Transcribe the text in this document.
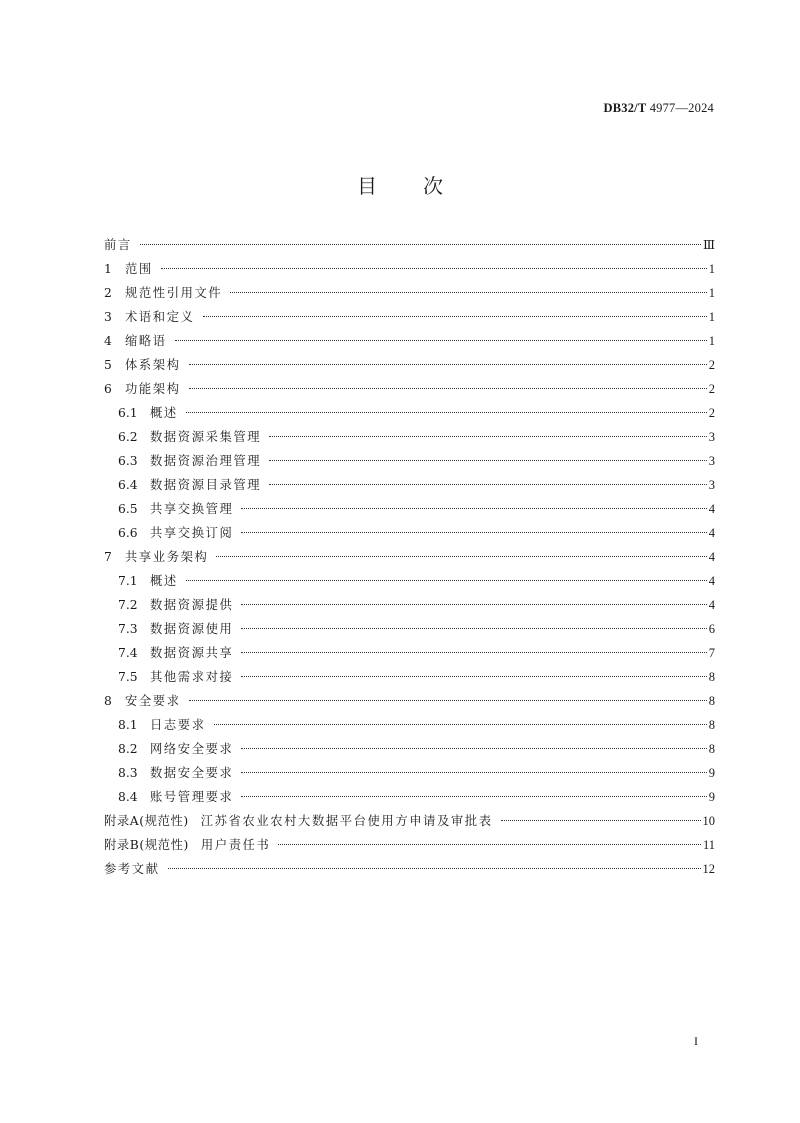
DB32/T 4977—2024
目次
前言	Ⅲ
1	范围	1
2	规范性引用文件	1
3	术语和定义	1
4	缩略语	1
5	体系架构	2
6	功能架构	2
6.1	概述	2
6.2	数据资源采集管理	3
6.3	数据资源治理管理	3
6.4	数据资源目录管理	3
6.5	共享交换管理	4
6.6	共享交换订阅	4
7	共享业务架构	4
7.1	概述	4
7.2	数据资源提供	4
7.3	数据资源使用	6
7.4	数据资源共享	7
7.5	其他需求对接	8
8	安全要求	8
8.1	日志要求	8
8.2	网络安全要求	8
8.3	数据安全要求	9
8.4	账号管理要求	9
附录A(规范性) 江苏省农业农村大数据平台使用方申请及审批表	10
附录B(规范性) 用户责任书	11
参考文献	12
I
